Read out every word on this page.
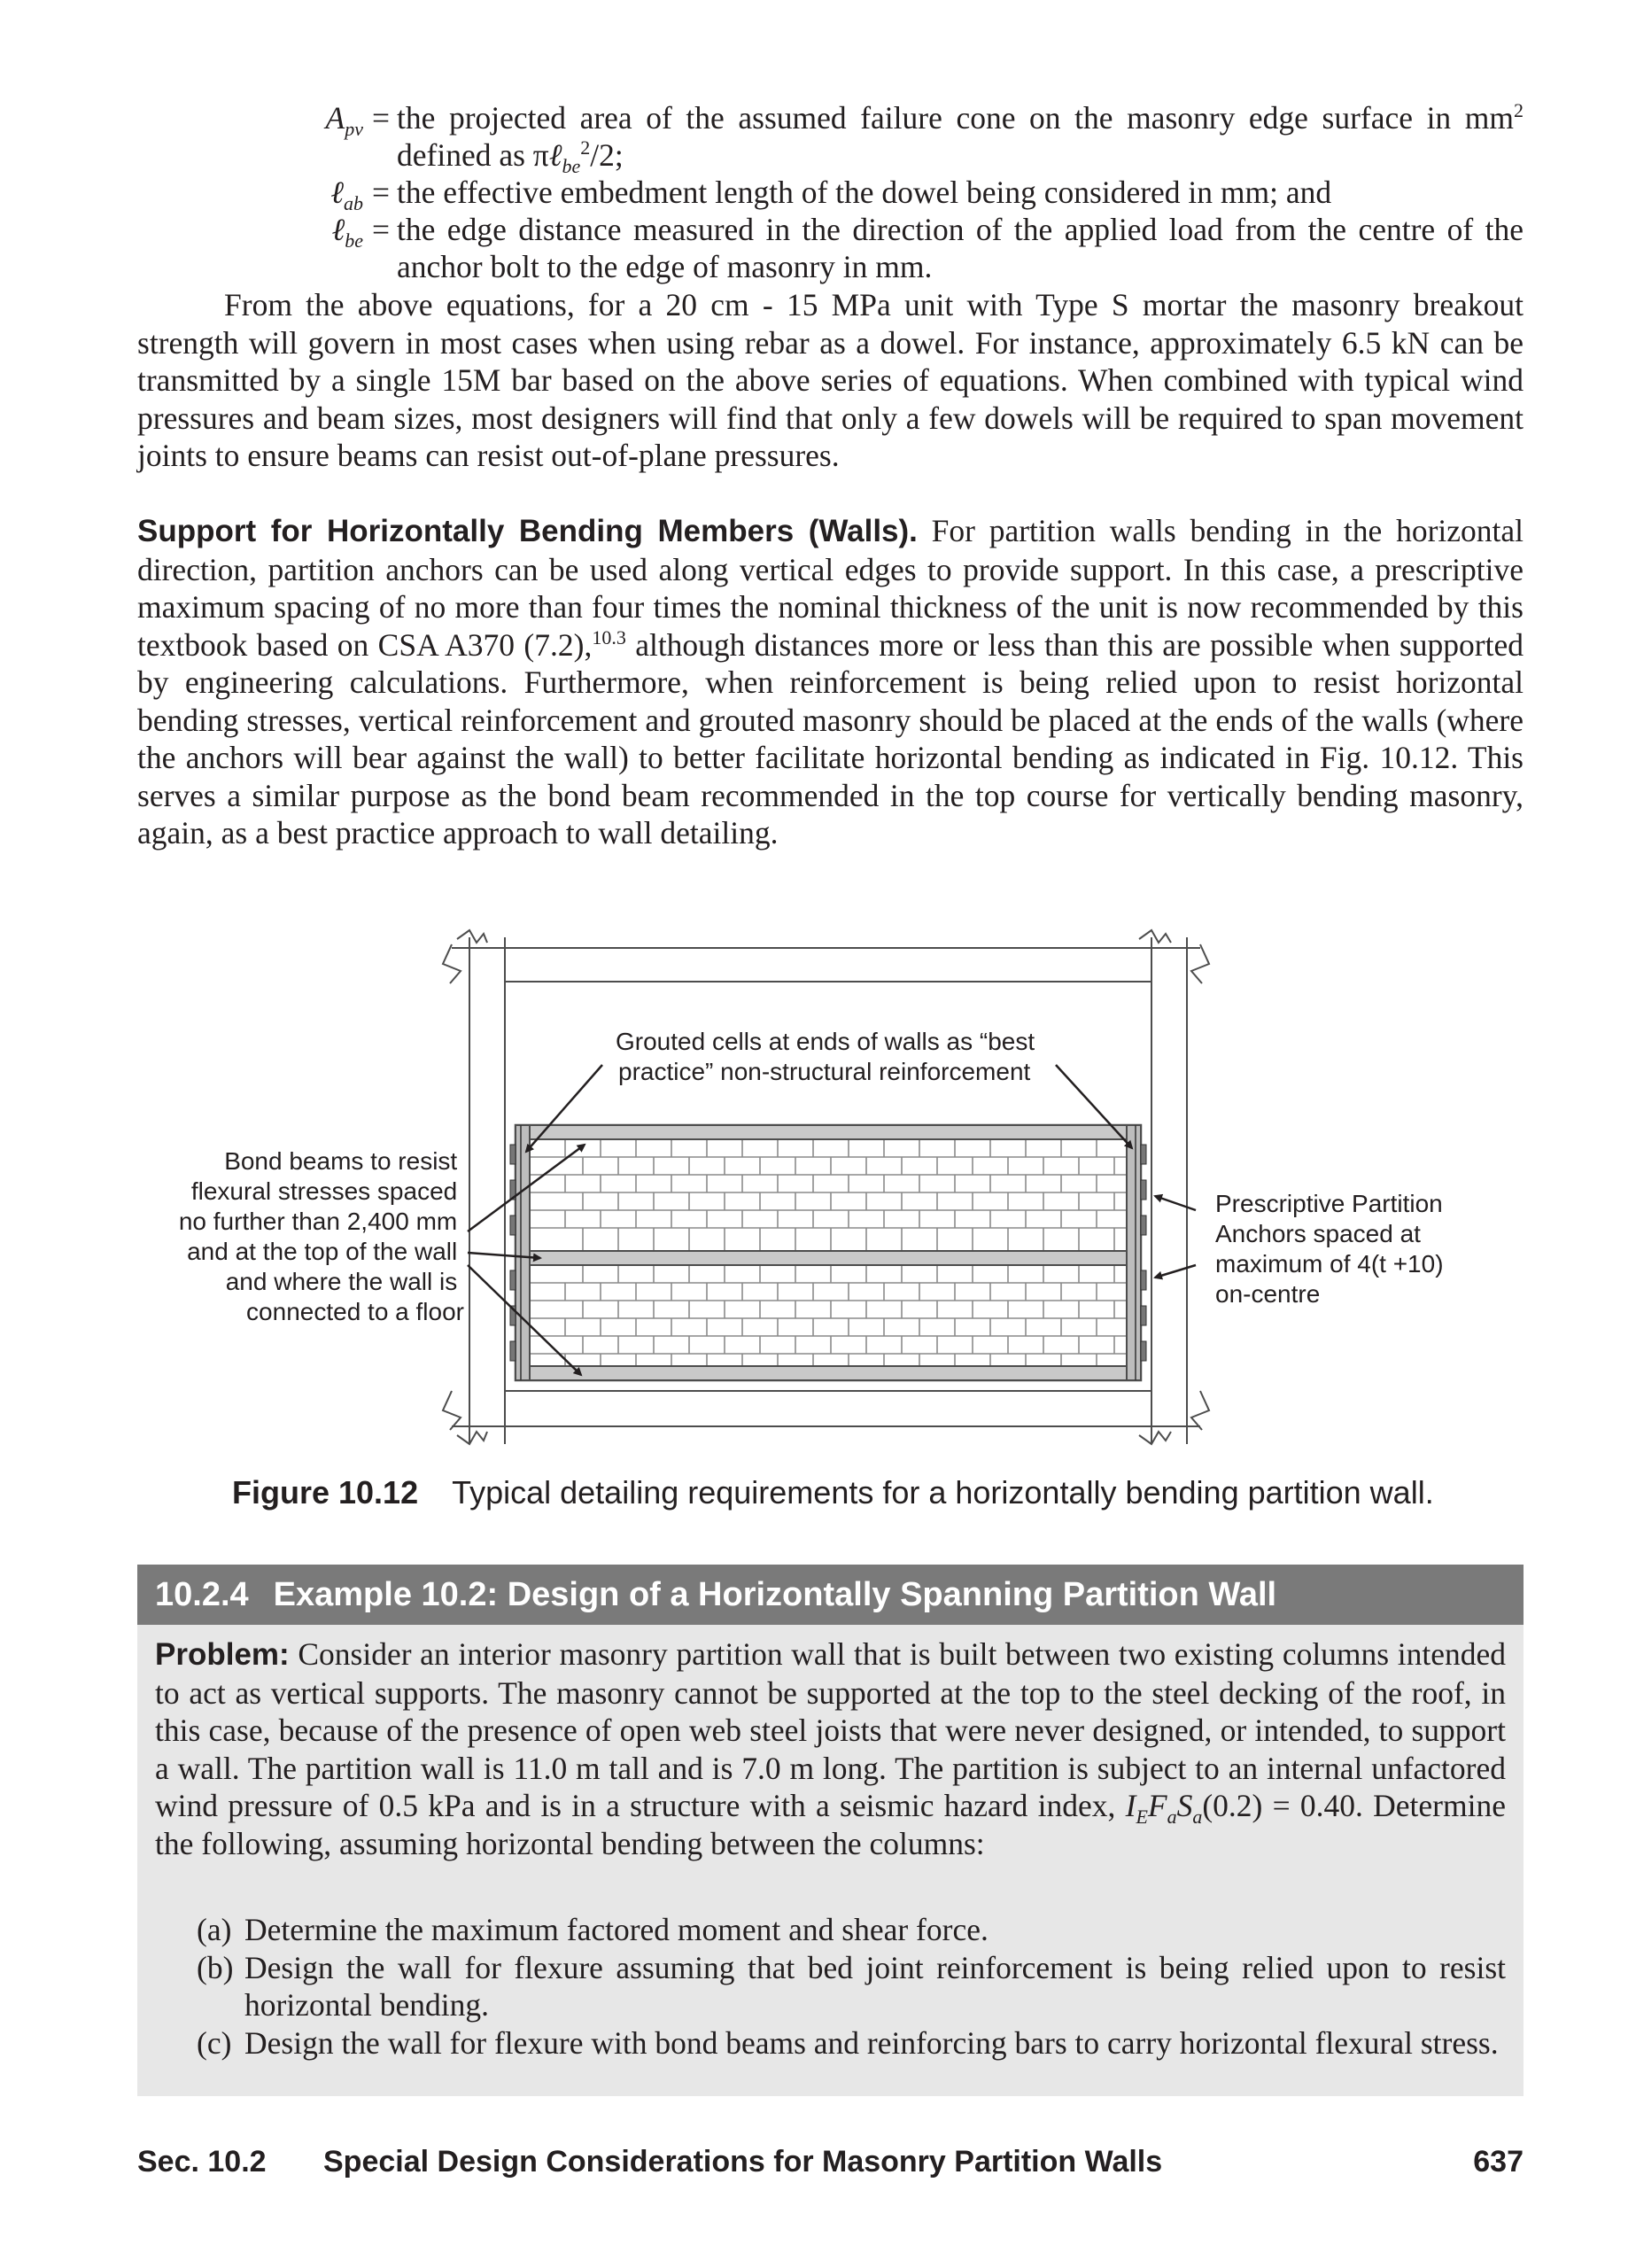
$A_{pv}$ = the projected area of the assumed failure cone on the masonry edge surface in $mm^2$ defined as πℓ$_{be}^2$/2;
ℓ$_{ab}$ = the effective embedment length of the dowel being considered in mm; and
ℓ$_{be}$ = the edge distance measured in the direction of the applied load from the centre of the anchor bolt to the edge of masonry in mm.
From the above equations, for a 20 cm - 15 MPa unit with Type S mortar the masonry breakout strength will govern in most cases when using rebar as a dowel. For instance, approximately 6.5 kN can be transmitted by a single 15M bar based on the above series of equations. When combined with typical wind pressures and beam sizes, most designers will find that only a few dowels will be required to span movement joints to ensure beams can resist out-of-plane pressures.
Support for Horizontally Bending Members (Walls). For partition walls bending in the horizontal direction, partition anchors can be used along vertical edges to provide support. In this case, a prescriptive maximum spacing of no more than four times the nominal thickness of the unit is now recommended by this textbook based on CSA A370 (7.2),$^{10.3}$ although distances more or less than this are possible when supported by engineering calculations. Furthermore, when reinforcement is being relied upon to resist horizontal bending stresses, vertical reinforcement and grouted masonry should be placed at the ends of the walls (where the anchors will bear against the wall) to better facilitate horizontal bending as indicated in Fig. 10.12. This serves a similar purpose as the bond beam recommended in the top course for vertically bending masonry, again, as a best practice approach to wall detailing.
Grouted cells at ends of walls as “best practice” non-structural reinforcement
Bond beams to resist flexural stresses spaced no further than 2,400 mm and at the top of the wall and where the wall is connected to a floor
Prescriptive Partition Anchors spaced at maximum of 4(t +10) on-centre
Figure 10.12 Typical detailing requirements for a horizontally bending partition wall.
10.2.4 Example 10.2: Design of a Horizontally Spanning Partition Wall
Problem: Consider an interior masonry partition wall that is built between two existing columns intended to act as vertical supports. The masonry cannot be supported at the top to the steel decking of the roof, in this case, because of the presence of open web steel joists that were never designed, or intended, to support a wall. The partition wall is 11.0 m tall and is 7.0 m long. The partition is subject to an internal unfactored wind pressure of 0.5 kPa and is in a structure with a seismic hazard index, $I_EF_aS_a(0.2) = 0.40$. Determine the following, assuming horizontal bending between the columns:
(a) Determine the maximum factored moment and shear force.
(b) Design the wall for flexure assuming that bed joint reinforcement is being relied upon to resist horizontal bending.
(c) Design the wall for flexure with bond beams and reinforcing bars to carry horizontal flexural stress.
Sec. 10.2 Special Design Considerations for Masonry Partition Walls	637
